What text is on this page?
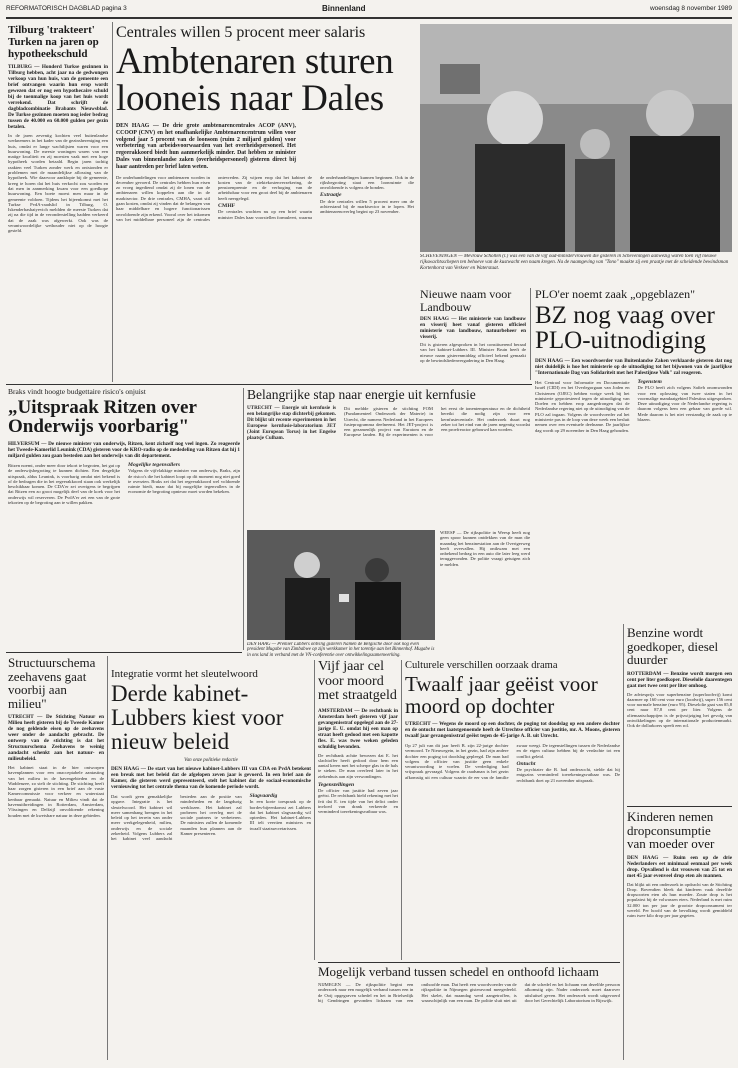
REFORMATORISCH DAGBLAD pagina 3	Binnenland	woensdag 8 november 1989
Tilburg 'trakteert' Turken na jaren op hypotheekschuld
TILBURG — Honderd Turkse gezinnen in Tilburg hebben, acht jaar na de gedwongen verkoop van hun huis, van de gemeente een brief ontvangen waarin hun erop wordt gewezen dat er nog een hypothecaire schuld bij de toenmalige koop van het huis wordt verrekend. Dat schrijft de dagbladcombinatie Brabants Nieuwsblad. De Turkse gezinnen moeten nog ieder bedrag tussen de 40.000 en 60.000 gulden per gezin betalen.
In de jaren zeventig kochten veel buitenlandse werknemers in het kader van de gezinshereniging een huis, omdat er lange wachtlijsten waren voor een huurwoning. De meeste woningen waren van een matige kwaliteit en zij moesten vaak met een hoge hypotheek worden betaald. Begin jaren tachtig raakten veel Turken zonder werk en ontstonden er problemen met de maandelijkse aflossing van de hypotheek. Wie daarvoor aanklopte bij de gemeente, kreeg te horen dat het huis verkocht zou worden en dat men in aanmerking kwam voor een goedkope huurwoning. Een boete moest men maar in de gemeente voldoen. Tijdens het bijeenkomst met het Turkse PvdA-raadslid in Tilburg, O. Iskenderbasbaiyevich meldden de meeste Turken dat zij na die tijd in de veronderstelling hadden verkeerd dat de zaak was afgewerkt. Ook was de verantwoordelijke wethouder niet op de hoogte gesteld.
Centrales willen 5 procent meer salaris
Ambtenaren sturen looneis naar Dales
DEN HAAG — De drie grote ambtenarencentrales ACOP (ANV), CCOOP (CNV) en het onafhankelijke Ambtenarencentrum willen voor volgend jaar 5 procent van de loonsom (ruim 2 miljard gulden) voor verbetering van arbeidsvoorwaarden van het overheidspersoneel. Het regeerakkoord biedt hun aanmerkelijk minder. Dat hebben ze minister Dales van binnenlandse zaken (overheidspersoneel) gisteren direct bij haar aantreden per brief laten weten.
De onderhandelingen voor ambtenaren worden in december gevoerd. De centrales hebben hun eisen zo vroeg ingediend omdat zij de lonen van de ambtenaren willen koppelen aan die in de marktsector. De drie centrales, CMHA, vaart stil gaan kosten, omdat zij vinden dat de belangen van haar middelbare en hogere functionarissen onvoldoende zijn erkend. Vooral over het inkomen van het middelbare personeel zijn de centrales ontevreden. Zij wijzen erop dat het kabinet de kosten van de ziektekostenverzekering, de pensioenpremie en de verhoging van de arbeidsduur voor een groot deel bij de ambtenaren heeft neergelegd.
CMHF
De centrales wachten nu op een brief waarin minister Dales haar voorstellen formuleert, waarna de onderhandelingen kunnen beginnen. Ook in de rijksbegroting staat een loonruimte die onvoldoende is volgens de bonden.
Extraatje
De drie centrales willen 5 procent meer om de achterstand bij de marktsector in te lopen. Het ambtenarenoverleg begint op 23 november.
SCHEVENINGEN — Mevrouw Scholten (l.) was een van de vijf oud-ministervrouwen die gisteren in Scheveningen aanwezig waren toen vijf nieuwe rijkswachtsschepen ten behoeve van de kustwacht een naam kregen. Na de naamgeving van "Tono" maakte zij een praatje met de scheidende bewindsman Kortenhorst van Verkeer en Waterstaat.
Nieuwe naam voor Landbouw
DEN HAAG — Het ministerie van landbouw en visserij heet vanaf gisteren officieel ministerie van landbouw, natuurbeheer en visserij.
Dit is gisteren afgesproken in het constituerend beraad van het kabinet-Lubbers III. Minister Bruin heeft de nieuwe naam gisterenmiddag officieel bekend gemaakt op de bewindsliedenvergadering in Den Haag.
PLO'er noemt zaak „opgeblazen"
BZ nog vaag over PLO-uitnodiging
DEN HAAG — Een woordvoerder van Buitenlandse Zaken verklaarde gisteren dat nog niet duidelijk is hoe het ministerie op de uitnodiging tot het bijwonen van de jaarlijkse "Internationale Dag van Solidariteit met het Palestijnse Volk" zal reageren.
Het Centraal voor Informatie en Documentatie Israël (CIDI) en het Overlegorgaan van Joden en Christenen (OJEC) hebben vorige week bij het ministerie geprotesteerd tegen de uitnodiging van Doelen en hebben erop aangedrongen dat de Nederlandse regering niet op de uitnodiging van de PLO zal ingaan. Volgens de woordvoerder zal het ministerie pas in de loop van deze week een besluit nemen over een eventuele deelname. De jaarlijkse dag wordt op 29 november in Den Haag gehouden.
Tegenstem
De PLO heeft zich volgens Safieh onomwonden voor een oplossing van twee staten in het voormalige mandaatgebied Palestina uitgesproken. Deze uitnodiging voor de Nederlandse regering is daarom volgens hem een gebaar van goede wil. Mede daarom is het niet verstandig de zaak op te blazen.
Braks vindt hoogte budgettaire risico's onjuist
„Uitspraak Ritzen over Onderwijs voorbarig"
HILVERSUM — De nieuwe minister van onderwijs, Ritzen, kent zichzelf nog veel ingen. Zo reageerde het Tweede-Kamerlid Leunink (CDA) gisteren voor de KRO-radio op de mededeling van Ritzen dat hij 1 miljard gulden zou gaan besteden aan het onderwijs van dit departement.
Ritzen noemt, onder meer door tekort te begroten, het gat op de onderwijsbegroting te kunnen dichten. Een dergelijke uitspraak, aldus Leunink, is voorbarig omdat niet bekend is of de bedragen die in het regeerakkoord staan ook werkelijk beschikbaar komen. De CDA'er zei overigens te begrijpen dat Ritzen een zo groot mogelijk deel van de koek voor het onderwijs wil reserveren. De PvdA'er zei een van de grote tekorten op de begroting aan te willen pakken.
Mogelijke tegenvallers
Volgens de vijfvlakkige minister van onderwijs, Braks, zijn de risico's die het kabinet loopt op dit moment nog niet goed te overzien. Braks zei dat het regeerakkoord wel voldoende ruimte biedt, maar dat bij mogelijke tegenvallers in de economie de begroting opnieuw moet worden bekeken.
Belangrijke stap naar energie uit kernfusie
UTRECHT — Energie uit kernfusie is een belangrijke stap dichterbij gekomen. Dit blijkt uit recente experimenten in het Europese kernfusie-laboratorium JET (Joint European Torus) in het Engelse plaatsje Culham.
Dit meldde gisteren de stichting FOM (Fundamenteel Onderzoek der Materie) in Utrecht, die namens Nederland in het Europees fusieprogramma deelneemt. Het JET-project is een gezamenlijk project van Euratom en de Europese landen. Bij de experimenten is voor het eerst de ionentemperatuur en de dichtheid bereikt die nodig zijn voor een kernfusiecentrale. Het onderzoek duurt nog zeker tot het eind van de jaren negentig voordat een proefreactor gebouwd kan worden.
DEN HAAG — Premier Lubbers ontving gisteren Namen de Belgische door ook nog even president Mugabe van Zimbabwe op zijn werkkamer in het torentje aan het Binnenhof. Mugabe is in ons land in verband met de VN-conferentie over ontwikkelingssamenwerking.
WEESP — De rijkspolitie in Weesp heeft nog geen spoor kunnen ontdekken van de man die maandag het benzinestation aan de Overigerweg heeft overvallen. Hij ontkwam met een onbekend bedrag in een auto die later leeg werd teruggevonden. De politie vraagt getuigen zich te melden.
Structuurschema zeehavens gaat voorbij aan milieu"
UTRECHT — De Stichting Natuur en Milieu heeft gisteren bij de Tweede Kamer de nog geldende eisen op de zeehavens weer onder de aandacht gebracht. De ontwerp van de stichting is dat het Structuurschema Zeehavens te weinig aandacht schenkt aan het natuur- en milieubeleid.
Het kabinet staat in de hier ontworpen havenplannen voor een onacceptabele aantasting van het milieu in de havengebieden en de Waddenzee, zo stelt de stichting. De stichting heeft haar zorgen gisteren in een brief aan de vaste Kamercommissie voor verkeer en waterstaat kenbaar gemaakt. Natuur en Milieu vindt dat de havenuitbreidingen in Rotterdam, Amsterdam, Vlissingen en Delfzijl onvoldoende rekening houden met de kwetsbare natuur in deze gebieden.
Integratie vormt het sleutelwoord
Derde kabinet-Lubbers kiest voor nieuw beleid
Van onze politieke redactie
DEN HAAG — De start van het nieuwe kabinet-Lubbers III van CDA en PvdA betekent een breuk met het beleid dat de afgelopen zeven jaar is gevoerd. In een brief aan de Kamer, die gisteren werd gepresenteerd, stelt het kabinet dat de sociaal-economische vernieuwing tot het centrale thema van de komende periode wordt.
Dat wordt geen gemakkelijke opgave. Integratie is het sleutelwoord. Het kabinet wil meer samenhang brengen in het beleid op het terrein van onder meer werkgelegenheid, milieu, onderwijs en de sociale zekerheid. Volgens Lubbers zal het kabinet veel aandacht besteden aan de positie van minderheden en de langdurig werklozen. Het kabinet zal proberen het overleg met de sociale partners te verbeteren. De ministers zullen de komende maanden hun plannen aan de Kamer presenteren.
Slagvaardig
In een korte toespraak op de bordes-bijeenkomst zei Lubbers dat het kabinet slagvaardig wil optreden. Het kabinet-Lubbers III telt veertien ministers en twaalf staatssecretarissen.
Vijf jaar cel voor moord met straatgeld
AMSTERDAM — De rechtbank in Amsterdam heeft gisteren vijf jaar gevangenisstraf opgelegd aan de 27-jarige E. U. omdat hij een man op straat heeft gedood met een kapotte fles. E. was twee weken geleden schuldig bevonden.
De rechtbank achtte bewezen dat E. het slachtoffer heeft gedood door hem een aantal keren met het scherpe glas in de hals te steken. De man overleed later in het ziekenhuis aan zijn verwondingen.
Tegenstellingen
De officier van justitie had zeven jaar geëist. De rechtbank hield rekening met het feit dat E. ten tijde van het delict onder invloed van drank verkeerde en verminderd toerekeningsvatbaar was.
Culturele verschillen oorzaak drama
Twaalf jaar geëist voor moord op dochter
UTRECHT — Wegens de moord op een dochter, de poging tot doodslag op een andere dochter en de ontucht met laatstgenoemde heeft de Utrechtse officier van justitie, mr. A. Moons, gisteren twaalf jaar gevangenisstraf geëist tegen de 45-jarige A. B. uit Utrecht.
Op 27 juli van dit jaar heeft B. zijn 22-jarige dochter vermoord. Te Nieuwegein, in het gezin, had zijn andere dochter een poging tot doodslag gepleegd. De man had volgens de officier van justitie geen enkele verantwoording te voelen. De verdediging had vrijspraak gevraagd. Volgens de raadsman is het gezin afkomstig uit een cultuur waarin de eer van de familie zwaar weegt. De tegenstellingen tussen de Nederlandse en de eigen cultuur hebben bij de verdachte tot een conflict geleid.
Ontucht
De psychiater die B. had onderzocht, stelde dat hij enigszins verminderd toerekeningsvatbaar was. De rechtbank doet op 21 november uitspraak.
Benzine wordt goedkoper, diesel duurder
ROTTERDAM — Benzine wordt morgen een cent per liter goedkoper. Dieselolie daarentegen gaat met twee cent per liter omhoog.
De adviesprijs voor superbenzine (superloodvrij) komt daarmee op 160 cent voor euro (loodvrij), super 156 cent voor normale benzine (euro 95). Dieselolie gaat van 85,8 cent naar 87,8 cent per liter. Volgens de oliemaatschappijen is de prijswijziging het gevolg van ontwikkelingen op de internationale productenmarkt. Ook de dollarkoers speelt een rol.
Kinderen nemen dropconsumptie van moeder over
DEN HAAG — Ruim een op de drie Nederlanders eet minimaal eenmaal per week drop. Opvallend is dat vrouwen van 25 tot en met 45 jaar evenveel drop eten als mannen.
Dat blijkt uit een onderzoek in opdracht van de Stichting Drop. Bovendien bleek dat kinderen vaak dezelfde dropsoorten eten als hun moeder. Zoute drop is het populairst bij de volwassen eters. Nederland is met ruim 32.000 ton per jaar de grootste dropconsument ter wereld. Per hoofd van de bevolking wordt gemiddeld ruim twee kilo drop per jaar gegeten.
Mogelijk verband tussen schedel en onthoofd lichaam
NIJMEGEN — De rijkspolitie begint een onderzoek naar een mogelijk verband tussen een in de Ooij opgegraven schedel en het in Brielsedijk bij Gendringen gevonden lichaam van een onthoofde man. Dat heeft een woordvoerder van de rijkspolitie in Nijmegen gisteravond meegedeeld. Het skelet, dat maandag werd aangetroffen, is waarschijnlijk van een man. De politie sluit niet uit dat de schedel en het lichaam van dezelfde persoon afkomstig zijn. Nader onderzoek moet daarover uitsluitsel geven. Het onderzoek wordt uitgevoerd door het Gerechtelijk Laboratorium in Rijswijk.
